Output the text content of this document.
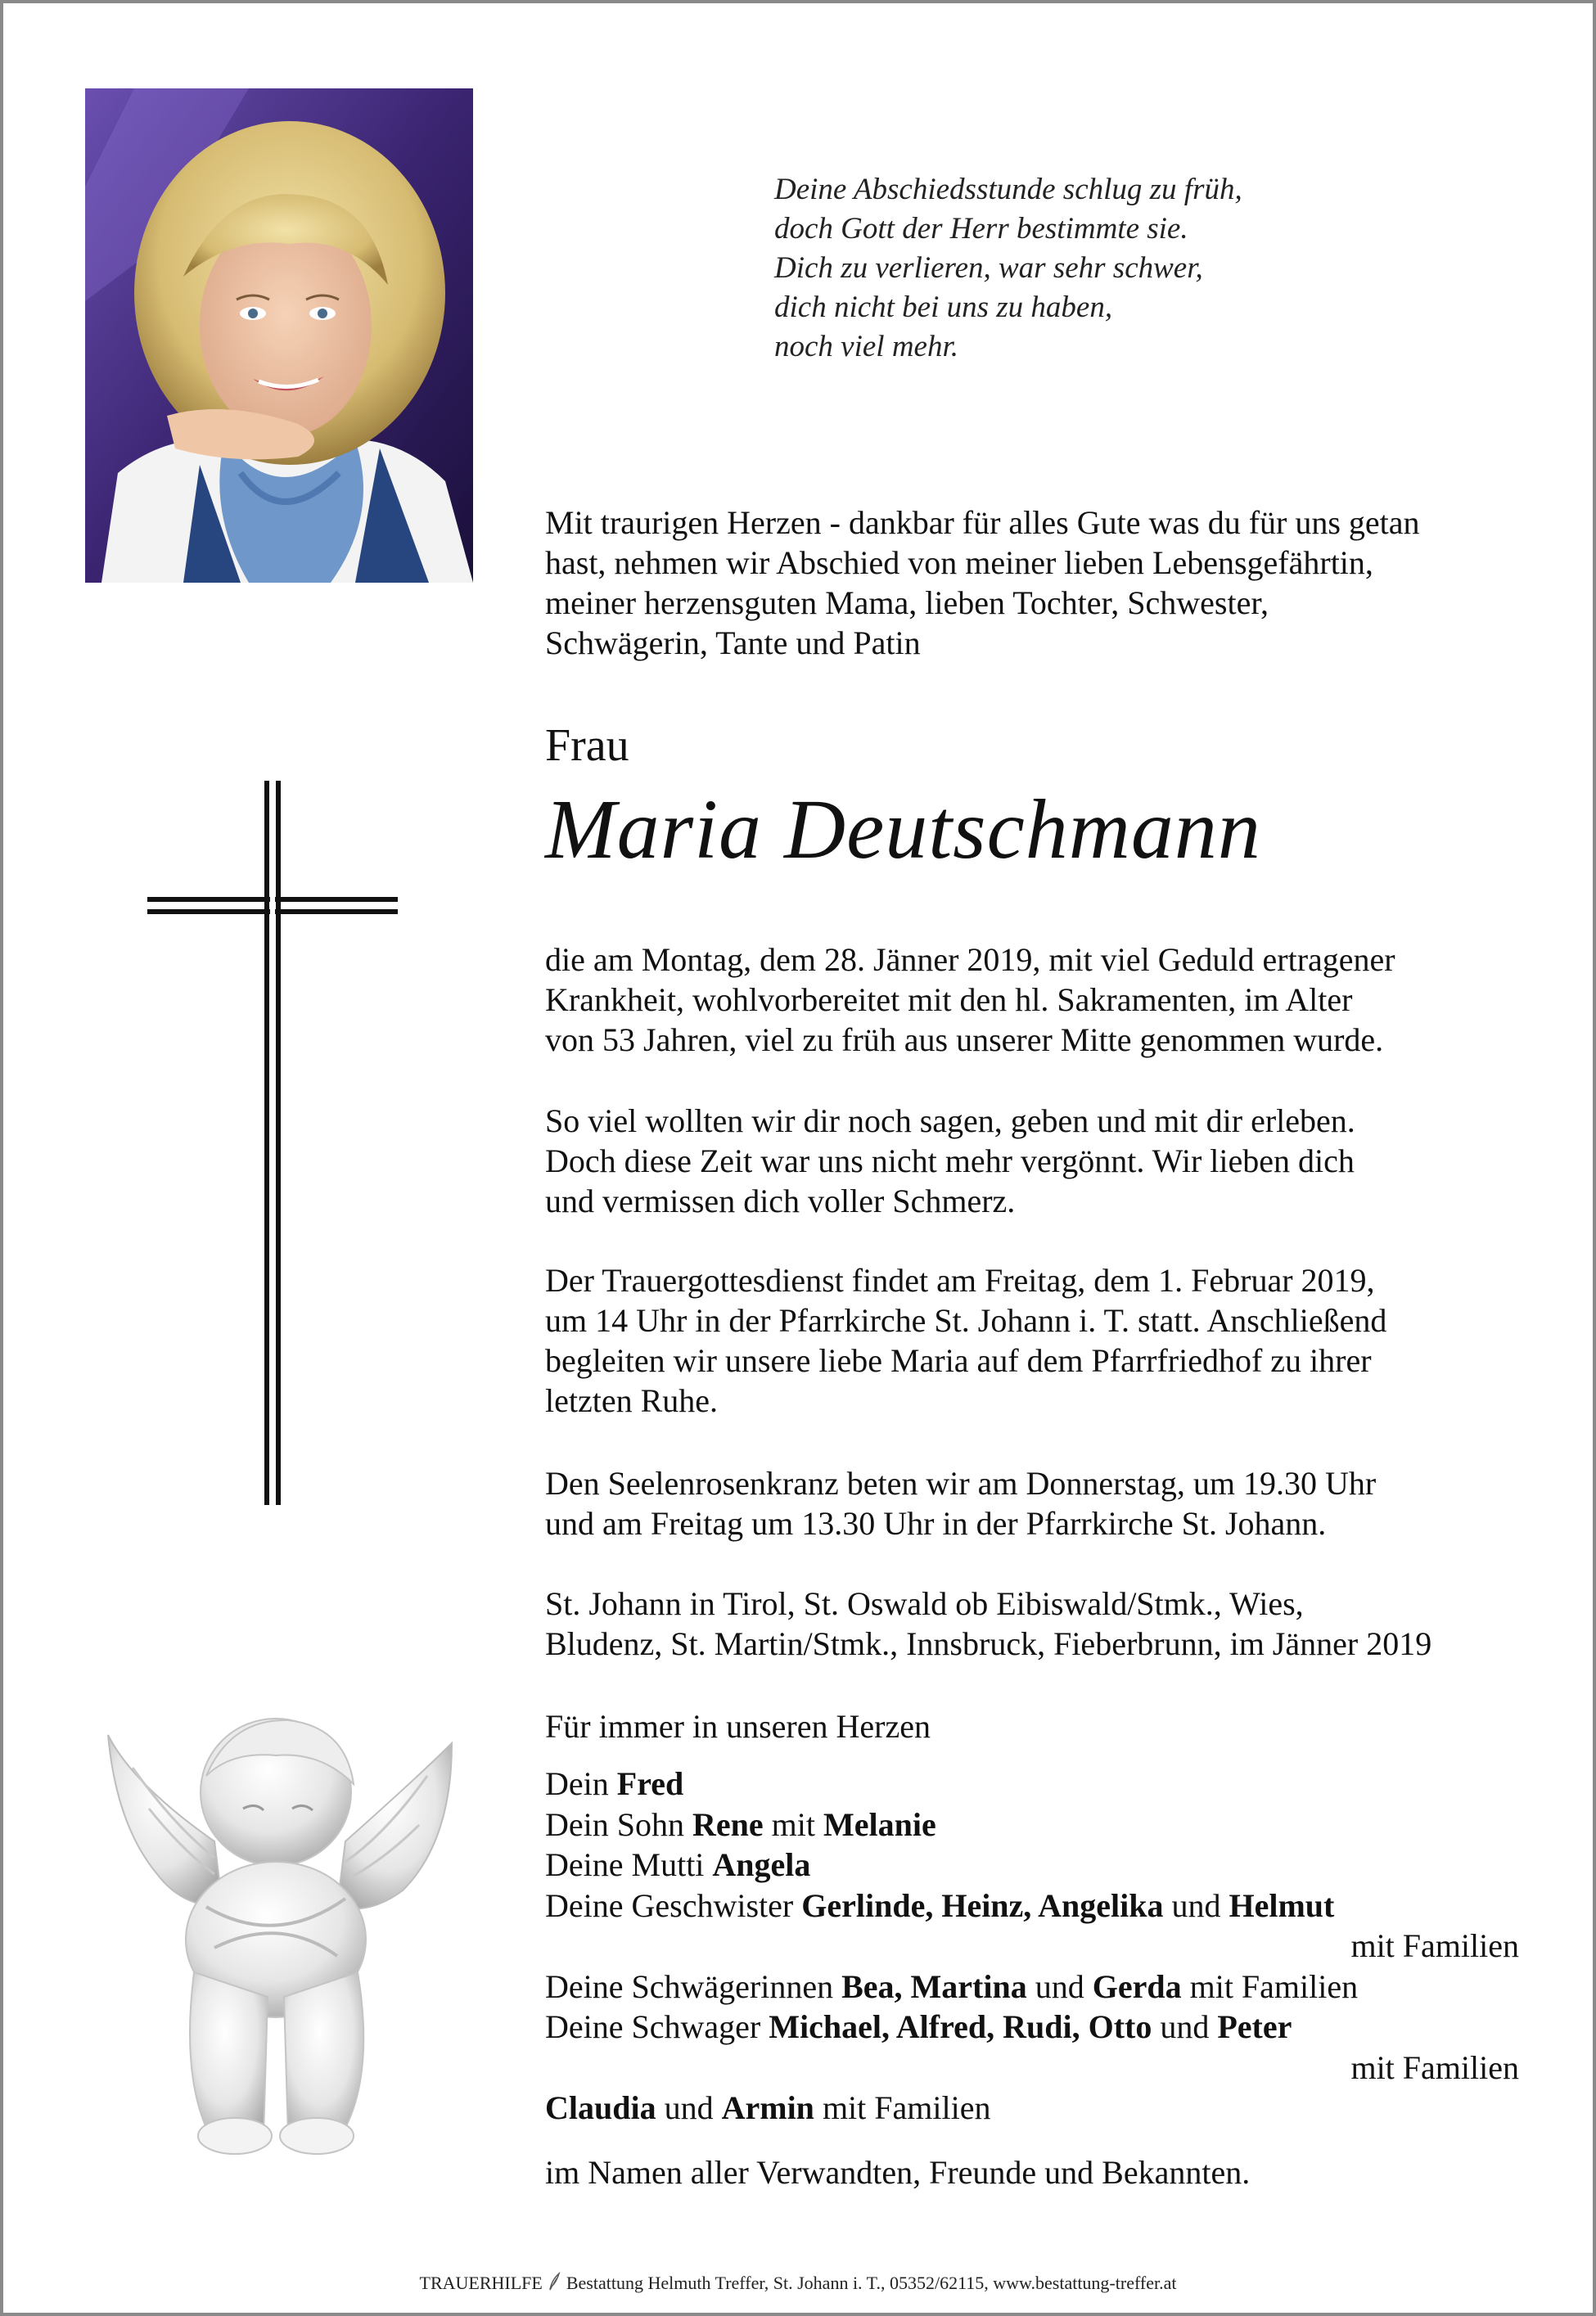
Deine Abschiedsstunde schlug zu früh,
doch Gott der Herr bestimmte sie.
Dich zu verlieren, war sehr schwer,
dich nicht bei uns zu haben,
noch viel mehr.
Mit traurigen Herzen - dankbar für alles Gute was du für uns getan
hast, nehmen wir Abschied von meiner lieben Lebensgefährtin,
meiner herzensguten Mama, lieben Tochter, Schwester,
Schwägerin, Tante und Patin
Frau
Maria Deutschmann
die am Montag, dem 28. Jänner 2019, mit viel Geduld ertragener
Krankheit, wohlvorbereitet mit den hl. Sakramenten, im Alter
von 53 Jahren, viel zu früh aus unserer Mitte genommen wurde.
So viel wollten wir dir noch sagen, geben und mit dir erleben.
Doch diese Zeit war uns nicht mehr vergönnt. Wir lieben dich
und vermissen dich voller Schmerz.
Der Trauergottesdienst findet am Freitag, dem 1. Februar 2019,
um 14 Uhr in der Pfarrkirche St. Johann i. T. statt. Anschließend
begleiten wir unsere liebe Maria auf dem Pfarrfriedhof zu ihrer
letzten Ruhe.
Den Seelenrosenkranz beten wir am Donnerstag, um 19.30 Uhr
und am Freitag um 13.30 Uhr in der Pfarrkirche St. Johann.
St. Johann in Tirol, St. Oswald ob Eibiswald/Stmk., Wies,
Bludenz, St. Martin/Stmk., Innsbruck, Fieberbrunn, im Jänner 2019
Für immer in unseren Herzen
Dein Fred
Dein Sohn Rene mit Melanie
Deine Mutti Angela
Deine Geschwister Gerlinde, Heinz, Angelika und Helmut
mit Familien
Deine Schwägerinnen Bea, Martina und Gerda mit Familien
Deine Schwager Michael, Alfred, Rudi, Otto und Peter
mit Familien
Claudia und Armin mit Familien
im Namen aller Verwandten, Freunde und Bekannten.
TRAUERHILFE Bestattung Helmuth Treffer, St. Johann i. T., 05352/62115, www.bestattung-treffer.at
